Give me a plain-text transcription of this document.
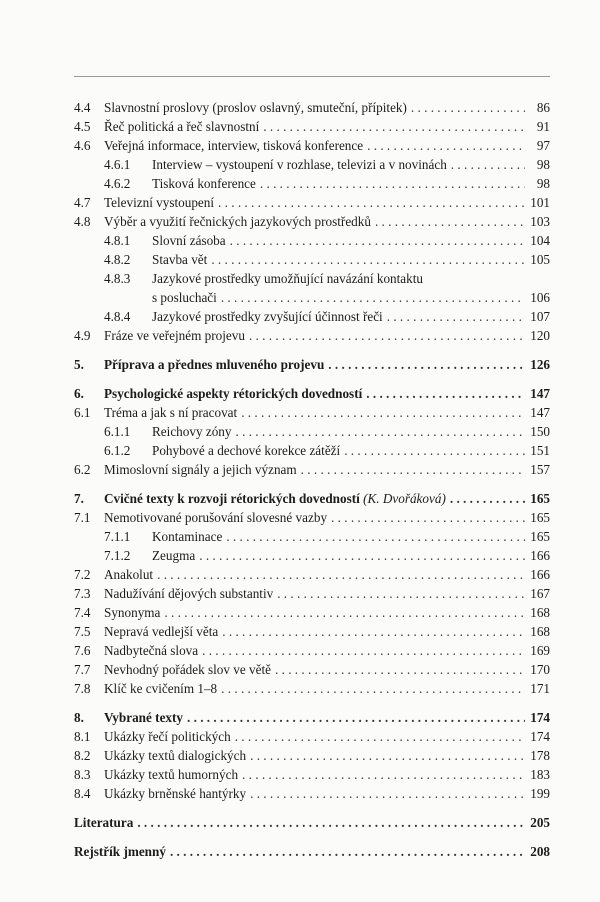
4.4	Slavnostní proslovy (proslov oslavný, smuteční, přípitek) . . .	86
4.5	Řeč politická a řeč slavnostní . . .	91
4.6	Veřejná informace, interview, tisková konference . . .	97
4.6.1	Interview – vystoupení v rozhlase, televizi a v novinách . . .	98
4.6.2	Tisková konference . . .	98
4.7	Televizní vystoupení . . .	101
4.8	Výběr a využití řečnických jazykových prostředků . . .	103
4.8.1	Slovní zásoba . . .	104
4.8.2	Stavba vět . . .	105
4.8.3	Jazykové prostředky umožňující navázání kontaktu
s posluchači . . .	106
4.8.4	Jazykové prostředky zvyšující účinnost řeči . . .	107
4.9	Fráze ve veřejném projevu . . .	120
5.	Příprava a přednes mluveného projevu . . .	126
6.	Psychologické aspekty rétorických dovedností . . .	147
6.1	Tréma a jak s ní pracovat . . .	147
6.1.1	Reichovy zóny . . .	150
6.1.2	Pohybové a dechové korekce zátěží . . .	151
6.2	Mimoslovní signály a jejich význam . . .	157
7.	Cvičné texty k rozvoji rétorických dovedností (K. Dvořáková) . . .	165
7.1	Nemotivované porušování slovesné vazby . . .	165
7.1.1	Kontaminace . . .	165
7.1.2	Zeugma . . .	166
7.2	Anakolut . . .	166
7.3	Nadužívání dějových substantiv . . .	167
7.4	Synonyma . . .	168
7.5	Nepravá vedlejší věta . . .	168
7.6	Nadbytečná slova . . .	169
7.7	Nevhodný pořádek slov ve větě . . .	170
7.8	Klíč ke cvičením 1–8 . . .	171
8.	Vybrané texty . . .	174
8.1	Ukázky řečí politických . . .	174
8.2	Ukázky textů dialogických . . .	178
8.3	Ukázky textů humorných . . .	183
8.4	Ukázky brněnské hantýrky . . .	199
Literatura . . .	205
Rejstřík jmenný . . .	208
